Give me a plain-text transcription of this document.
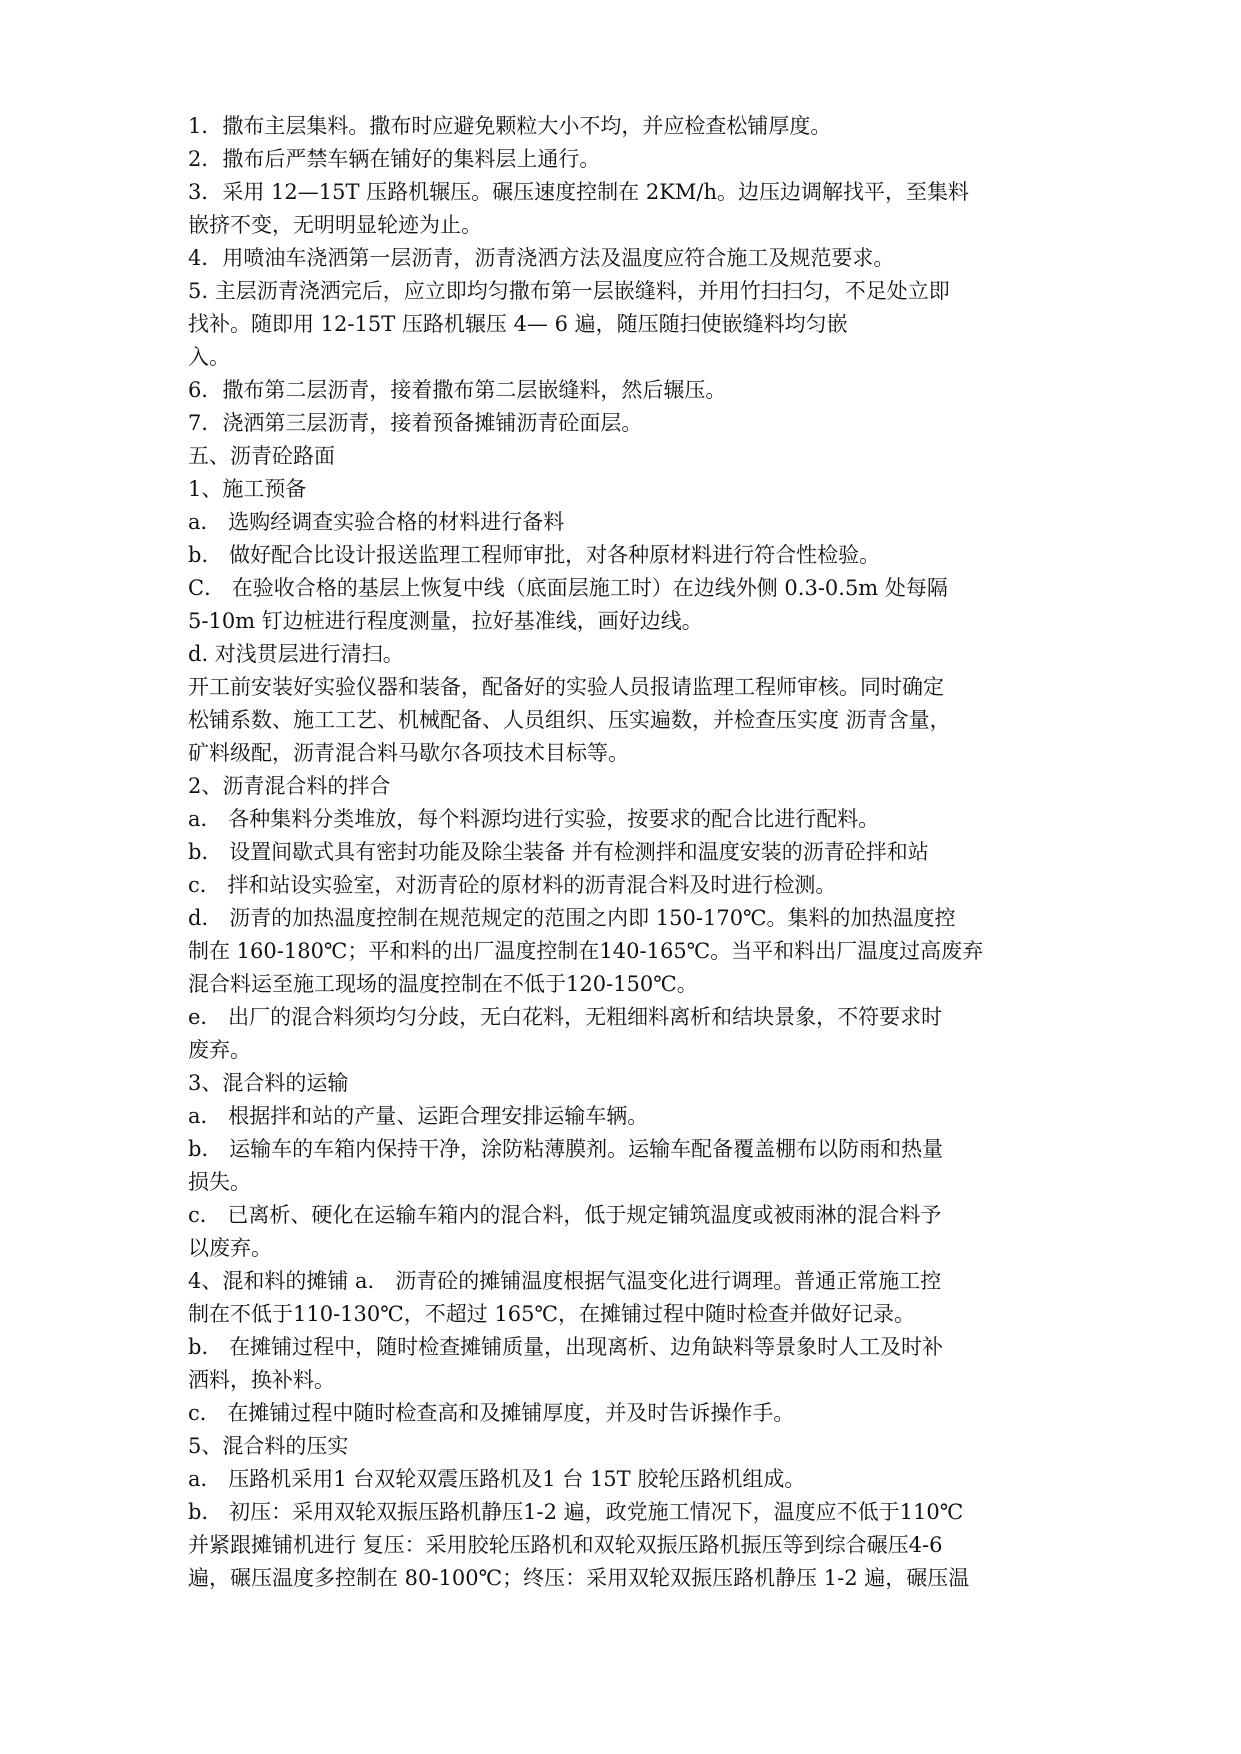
1．撒布主层集料。撒布时应避免颗粒大小不均，并应检查松铺厚度。
2．撒布后严禁车辆在铺好的集料层上通行。
3．采用 12—15T 压路机辗压。碾压速度控制在 2KM/h。边压边调解找平，至集料
嵌挤不变，无明明显轮迹为止。
4．用喷油车浇洒第一层沥青，沥青浇洒方法及温度应符合施工及规范要求。
5. 主层沥青浇洒完后，应立即均匀撒布第一层嵌缝料，并用竹扫扫匀，不足处立即
找补。随即用 12-15T 压路机辗压 4— 6 遍，随压随扫使嵌缝料均匀嵌
入。
6．撒布第二层沥青，接着撒布第二层嵌缝料，然后辗压。
7．浇洒第三层沥青，接着预备摊铺沥青砼面层。
五、沥青砼路面
1、施工预备
a． 选购经调查实验合格的材料进行备料
b． 做好配合比设计报送监理工程师审批，对各种原材料进行符合性检验。
C． 在验收合格的基层上恢复中线（底面层施工时）在边线外侧 0.3-0.5m 处每隔
5-10m 钉边桩进行程度测量，拉好基准线，画好边线。
d. 对浅贯层进行清扫。
开工前安装好实验仪器和装备，配备好的实验人员报请监理工程师审核。同时确定
松铺系数、施工工艺、机械配备、人员组织、压实遍数，并检查压实度 沥青含量，
矿料级配，沥青混合料马歇尔各项技术目标等。
2、沥青混合料的拌合
a． 各种集料分类堆放，每个料源均进行实验，按要求的配合比进行配料。
b． 设置间歇式具有密封功能及除尘装备 并有检测拌和温度安装的沥青砼拌和站
c． 拌和站设实验室，对沥青砼的原材料的沥青混合料及时进行检测。
d． 沥青的加热温度控制在规范规定的范围之内即 150-170℃。集料的加热温度控
制在 160-180℃；平和料的出厂温度控制在140-165℃。当平和料出厂温度过高废弃
混合料运至施工现场的温度控制在不低于120-150℃。
e． 出厂的混合料须均匀分歧，无白花料，无粗细料离析和结块景象，不符要求时
废弃。
3、混合料的运输
a． 根据拌和站的产量、运距合理安排运输车辆。
b． 运输车的车箱内保持干净，涂防粘薄膜剂。运输车配备覆盖棚布以防雨和热量
损失。
c． 已离析、硬化在运输车箱内的混合料，低于规定铺筑温度或被雨淋的混合料予
以废弃。
4、混和料的摊铺 a． 沥青砼的摊铺温度根据气温变化进行调理。普通正常施工控
制在不低于110-130℃，不超过 165℃，在摊铺过程中随时检查并做好记录。
b． 在摊铺过程中，随时检查摊铺质量，出现离析、边角缺料等景象时人工及时补
洒料，换补料。
c． 在摊铺过程中随时检查高和及摊铺厚度，并及时告诉操作手。
5、混合料的压实
a． 压路机采用1 台双轮双震压路机及1 台 15T 胶轮压路机组成。
b． 初压：采用双轮双振压路机静压1-2 遍，政党施工情况下，温度应不低于110℃
并紧跟摊铺机进行 复压：采用胶轮压路机和双轮双振压路机振压等到综合碾压4-6
遍，碾压温度多控制在 80-100℃；终压：采用双轮双振压路机静压 1-2 遍，碾压温
